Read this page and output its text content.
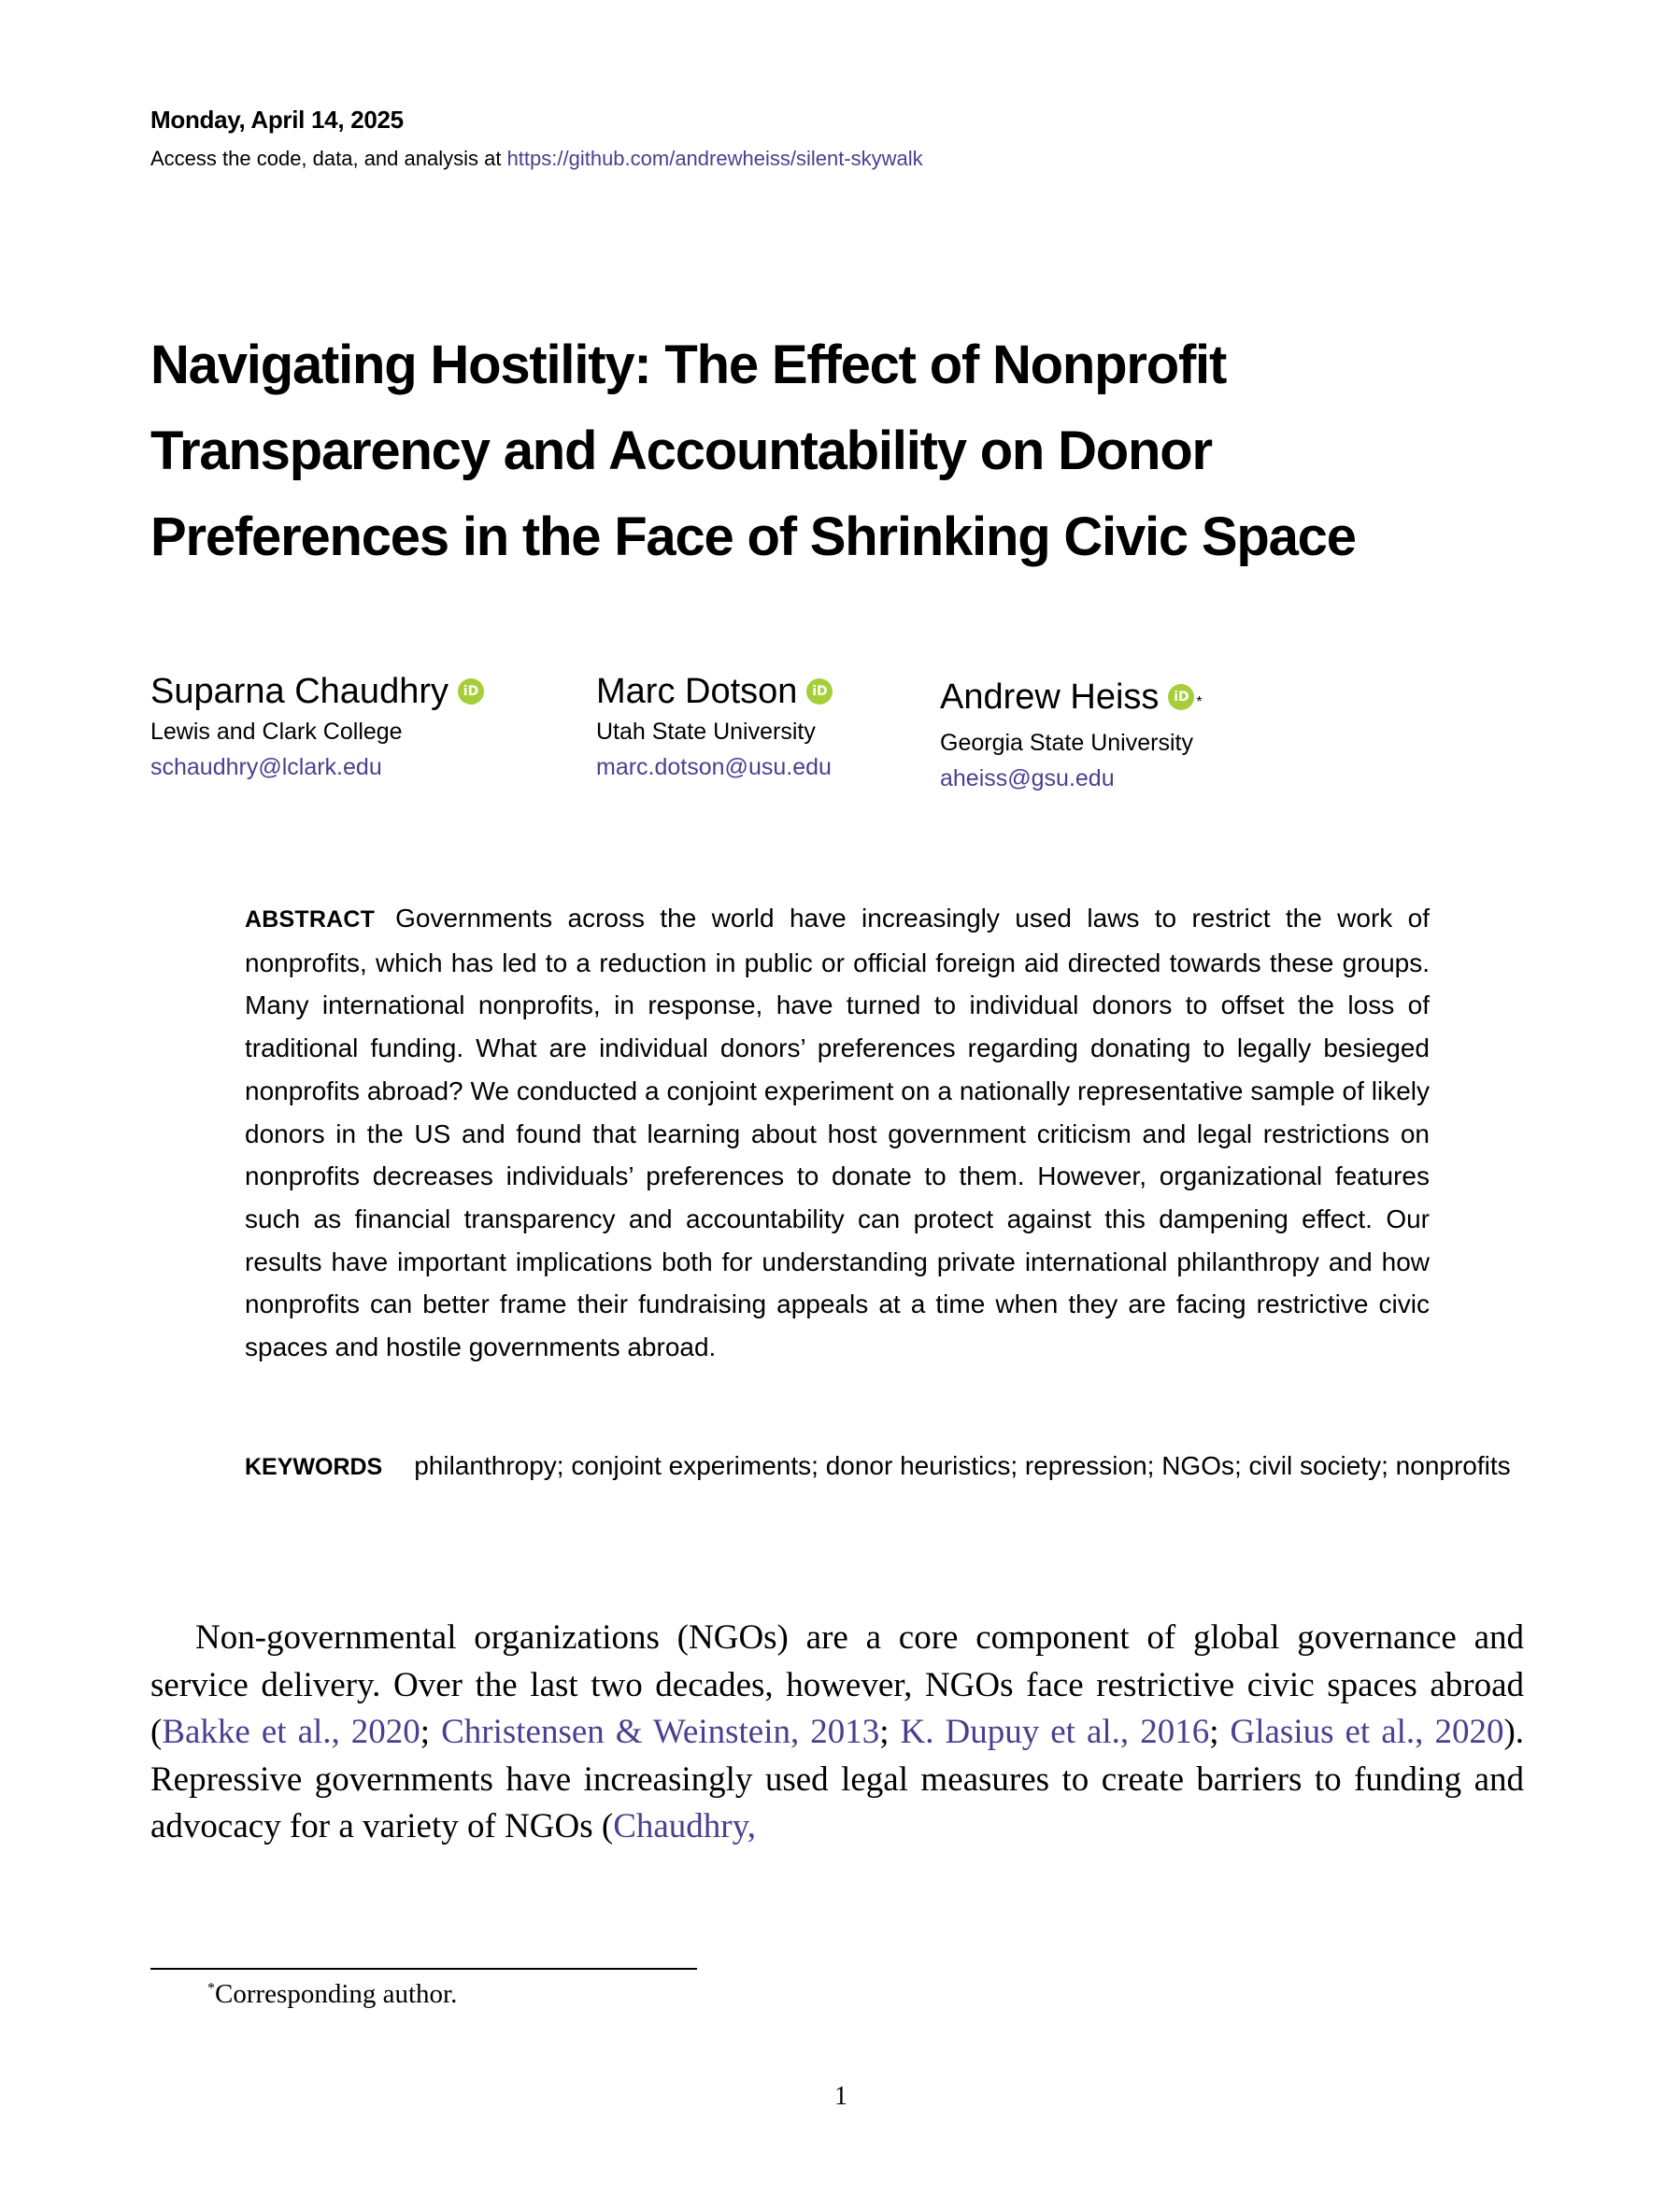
Monday, April 14, 2025
Access the code, data, and analysis at https://github.com/andrewheiss/silent-skywalk
Navigating Hostility: The Effect of Nonprofit
Transparency and Accountability on Donor
Preferences in the Face of Shrinking Civic Space
Suparna Chaudhry	iD
Lewis and Clark College
schaudhry@lclark.edu
Marc Dotson	iD
Utah State University
marc.dotson@usu.edu
Andrew Heiss	iD *
Georgia State University
aheiss@gsu.edu

ABSTRACT Governments across the world have increasingly used laws to restrict the work of nonprofits, which has led to a reduction in public or official foreign aid directed towards these groups. Many international nonprofits, in response, have turned to individual donors to offset the loss of traditional funding. What are individual donors’ preferences regarding donating to legally besieged nonprofits abroad? We conducted a conjoint experiment on a nationally representative sample of likely donors in the US and found that learning about host government criticism and legal restrictions on nonprofits decreases individuals’ preferences to donate to them. However, organizational features such as financial transparency and accountability can protect against this dampening effect. Our results have important implications both for understanding private international philanthropy and how nonprofits can better frame their fundraising appeals at a time when they are facing restrictive civic spaces and hostile governments abroad.

KEYWORDS philanthropy; conjoint experiments; donor heuristics; repression; NGOs; civil society; nonprofits

Non-governmental organizations (NGOs) are a core component of global governance and service delivery. Over the last two decades, however, NGOs face restrictive civic spaces abroad (Bakke et al., 2020; Christensen & Weinstein, 2013; K. Dupuy et al., 2016; Glasius et al., 2020). Repressive governments have increasingly used legal measures to create barriers to funding and advocacy for a variety of NGOs (Chaudhry,

*Corresponding author.
1
